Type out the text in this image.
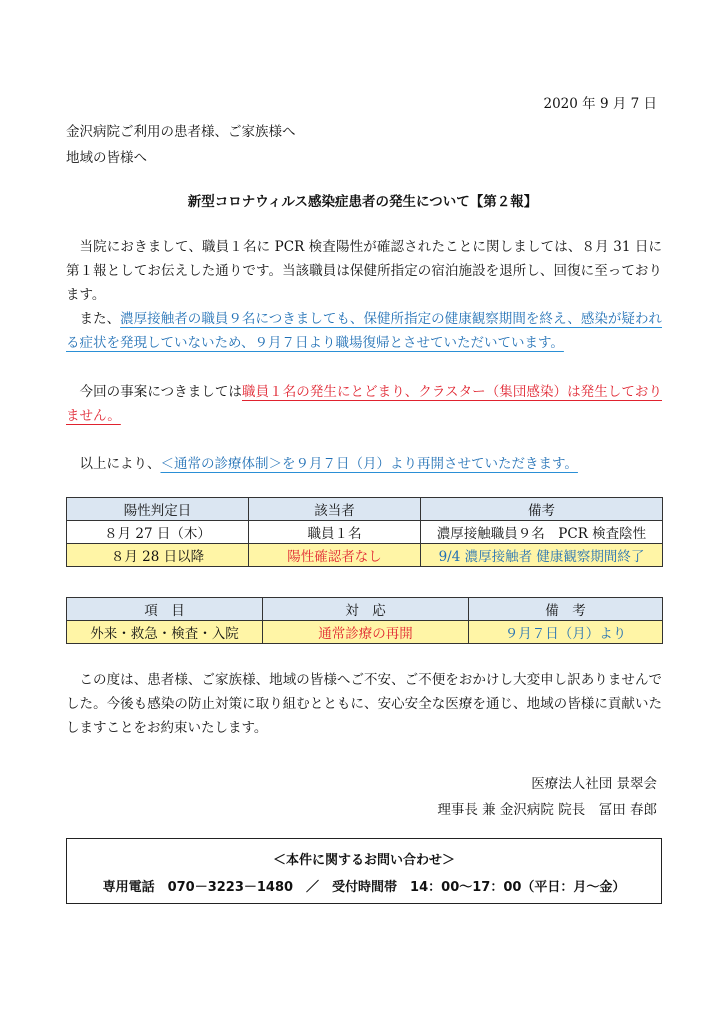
2020 年 9 月 7 日
金沢病院ご利用の患者様、ご家族様へ
地域の皆様へ
新型コロナウィルス感染症患者の発生について【第２報】
当院におきまして、職員１名に PCR 検査陽性が確認されたことに関しましては、８月 31 日に第１報としてお伝えした通りです。当該職員は保健所指定の宿泊施設を退所し、回復に至っております。
また、濃厚接触者の職員９名につきましても、保健所指定の健康観察期間を終え、感染が疑われる症状を発現していないため、９月７日より職場復帰とさせていただいています。
今回の事案につきましては職員１名の発生にとどまり、クラスター（集団感染）は発生しておりません。
以上により、＜通常の診療体制＞を９月７日（月）より再開させていただきます。
陽性判定日	該当者	備考
８月 27 日（木）	職員１名	濃厚接触職員９名　PCR 検査陰性
８月 28 日以降	陽性確認者なし	9/4 濃厚接触者 健康観察期間終了
項　目	対　応	備　考
外来・救急・検査・入院	通常診療の再開	９月７日（月）より
この度は、患者様、ご家族様、地域の皆様へご不安、ご不便をおかけし大変申し訳ありませんでした。今後も感染の防止対策に取り組むとともに、安心安全な医療を通じ、地域の皆様に貢献いたしますことをお約束いたします。
医療法人社団 景翠会
理事長 兼 金沢病院 院長　冨田 春郎
＜本件に関するお問い合わせ＞
専用電話　070－3223－1480　／　受付時間帯　14：00～17：00（平日：月～金）
